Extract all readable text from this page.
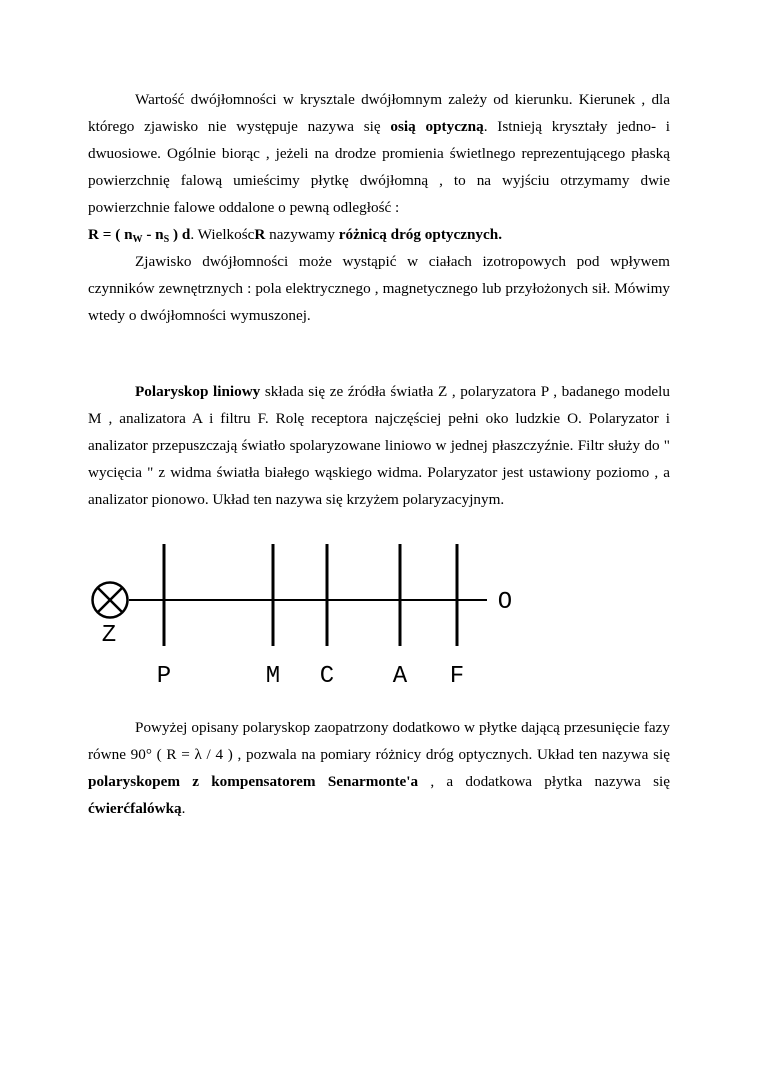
Wartość dwójłomności w krysztale dwójłomnym zależy od kierunku. Kierunek , dla którego zjawisko nie występuje nazywa się osią optyczną. Istnieją kryształy jedno- i dwuosiowe. Ogólnie biorąc , jeżeli na drodze promienia świetlnego reprezentującego płaską powierzchnię falową umieścimy płytkę dwójłomną , to na wyjściu otrzymamy dwie powierzchnie falowe oddalone o pewną odległość :

R = ( $n_W - n_S$ ) d. WielkoścR nazywamy różnicą dróg optycznych.

Zjawisko dwójłomności może wystąpić w ciałach izotropowych pod wpływem czynników zewnętrznych : pola elektrycznego , magnetycznego lub przyłożonych sił. Mówimy wtedy o dwójłomności wymuszonej.

Polaryskop liniowy składa się ze źródła światła Z , polaryzatora P , badanego modelu M , analizatora A i filtru F. Rolę receptora najczęściej pełni oko ludzkie O. Polaryzator i analizator przepuszczają światło spolaryzowane liniowo w jednej płaszczyźnie. Filtr służy do " wycięcia " z widma światła białego wąskiego widma. Polaryzator jest ustawiony poziomo , a analizator pionowo. Układ ten nazywa się krzyżem polaryzacyjnym.

Z
P	M C A F
O

Powyżej opisany polaryskop zaopatrzony dodatkowo w płytke dającą przesunięcie fazy równe 90° ( R = λ / 4 ) , pozwala na pomiary różnicy dróg optycznych. Układ ten nazywa się polaryskopem z kompensatorem Senarmonte'a , a dodatkowa płytka nazywa się ćwierćfalówką.
